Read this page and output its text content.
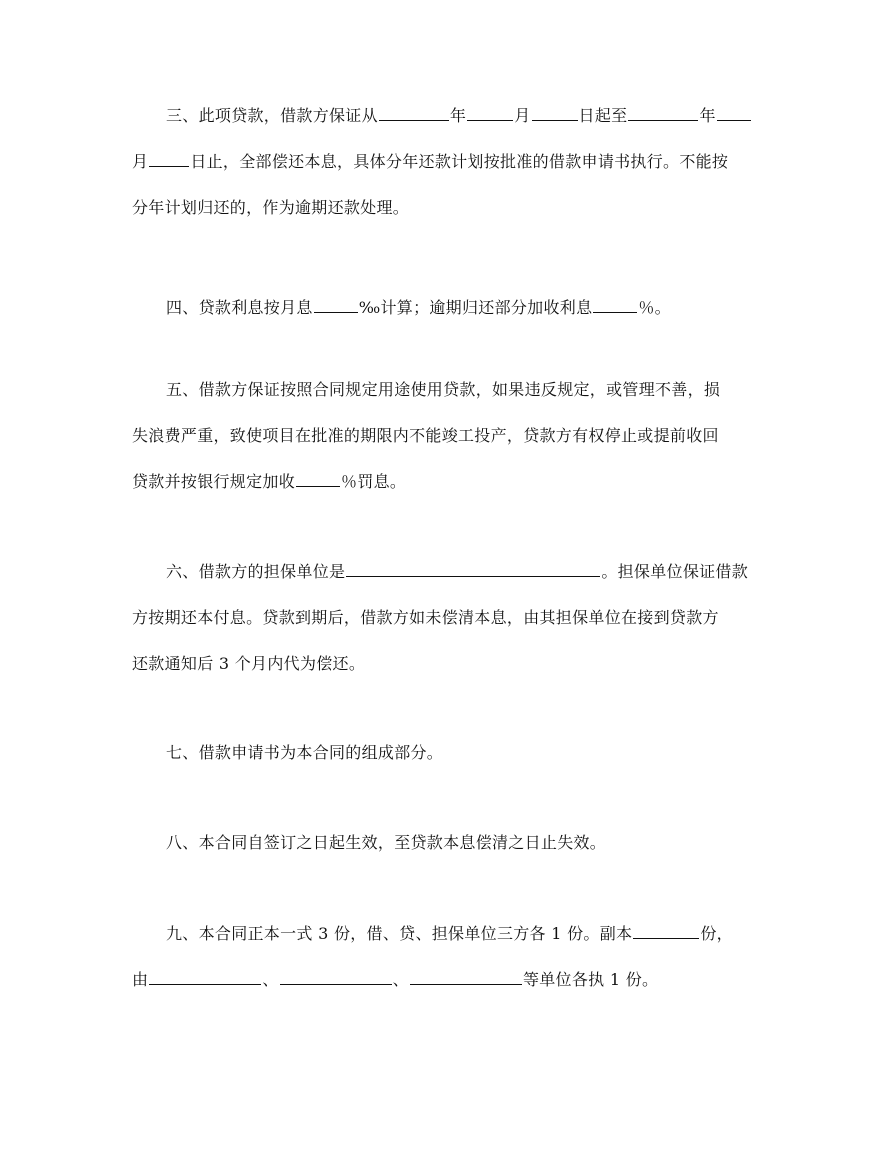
三、此项贷款，借款方保证从	年	月	日起至	年
月	日止，全部偿还本息，具体分年还款计划按批准的借款申请书执行。不能按
分年计划归还的，作为逾期还款处理。
四、贷款利息按月息	‰计算；逾期归还部分加收利息	％。
五、借款方保证按照合同规定用途使用贷款，如果违反规定，或管理不善，损
失浪费严重，致使项目在批准的期限内不能竣工投产，贷款方有权停止或提前收回
贷款并按银行规定加收	％罚息。
六、借款方的担保单位是	。担保单位保证借款
方按期还本付息。贷款到期后，借款方如未偿清本息，由其担保单位在接到贷款方
还款通知后 3 个月内代为偿还。
七、借款申请书为本合同的组成部分。
八、本合同自签订之日起生效，至贷款本息偿清之日止失效。
九、本合同正本一式 3 份，借、贷、担保单位三方各 1 份。副本	份，
由	、	、	等单位各执 1 份。
